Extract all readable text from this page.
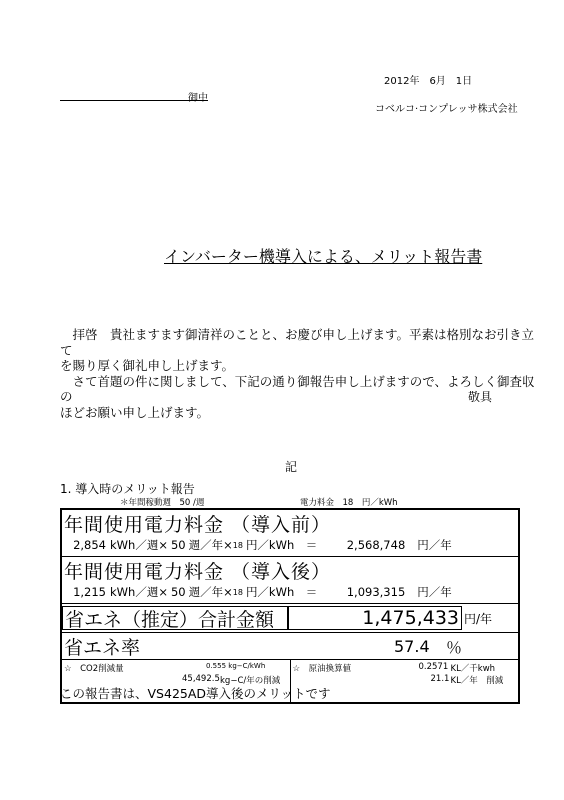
2012年　6月　1日
御中
コベルコ·コンプレッサ株式会社
インバーター機導入による、メリット報告書

　拝啓　貴社ますます御清祥のことと、お慶び申し上げます。平素は格別なお引き立て

を賜り厚く御礼申し上げます。

　さて首題の件に関しまして、下記の通り御報告申し上げますので、よろしく御査収の

ほどお願い申し上げます。

敬具
記
1. 導入時のメリット報告
＊年間稼動週　50 /週	電力料金　18　円／kWh
年間使用電力料金 （導入前）
2,854 kWh／週× 50 週／年× 18 円／kWh　＝	2,568,748	円／年
年間使用電力料金 （導入後）
1,215 kWh／週× 50 週／年× 18 円／kWh　＝	1,093,315	円／年
省エネ（推定）合計金額	1,475,433 円/年
省エネ率	57.4	％
☆　CO2削減量	0.555 kg−C/kWh
45,492.5 kg−C/年の削減
☆　原油換算値	0.2571 KL／千kwh
21.1 KL／年　削減
この報告書は、VS425AD導入後のメリットです
